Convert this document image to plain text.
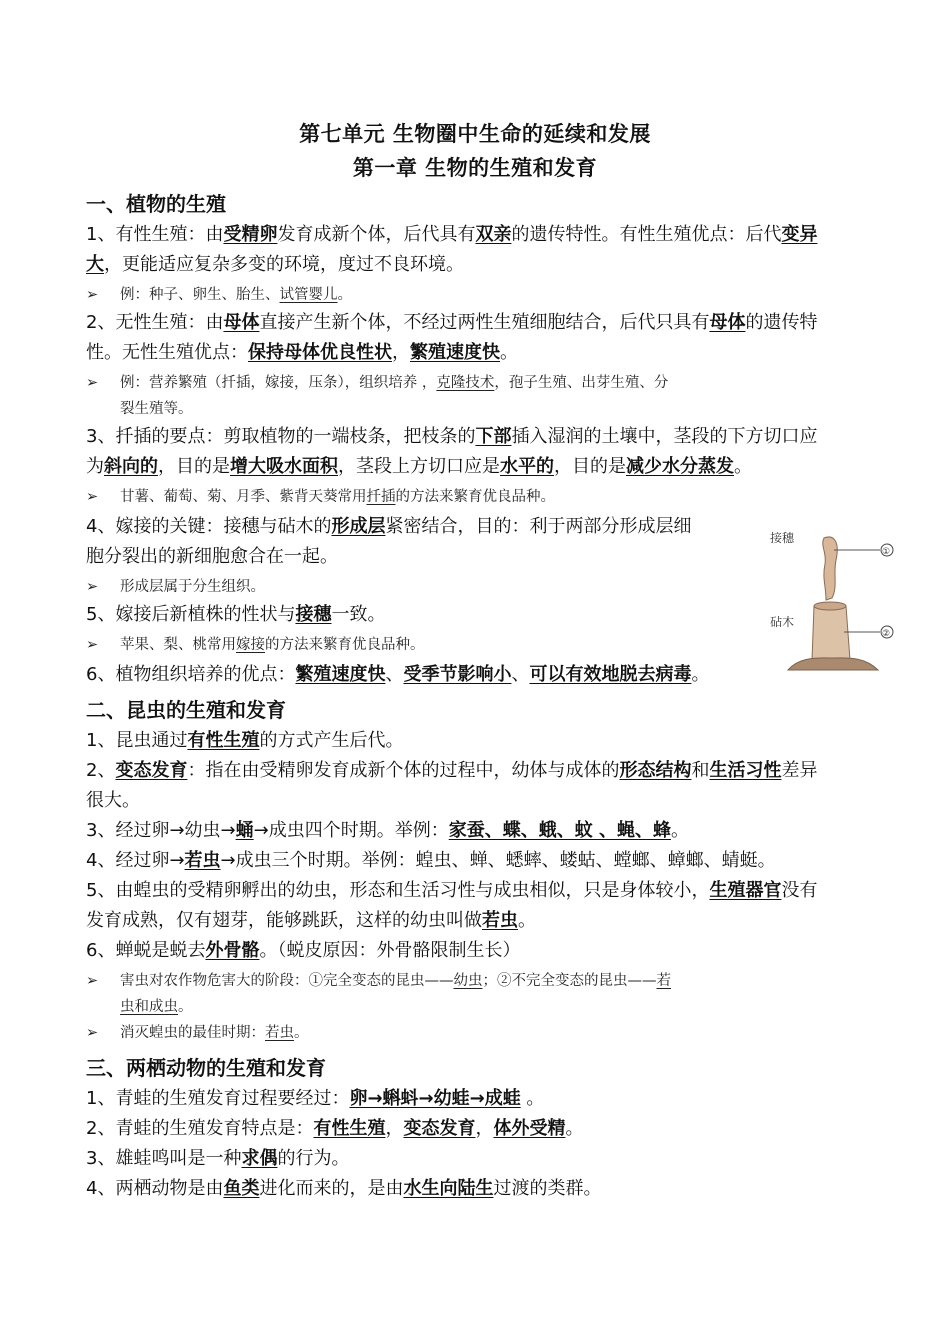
第七单元 生物圈中生命的延续和发展
第一章 生物的生殖和发育
一、植物的生殖
1、有性生殖：由受精卵发育成新个体，后代具有双亲的遗传特性。有性生殖优点：后代变异
大，更能适应复杂多变的环境，度过不良环境。
➢ 例：种子、卵生、胎生、试管婴儿。
2、无性生殖：由母体直接产生新个体，不经过两性生殖细胞结合，后代只具有母体的遗传特
性。无性生殖优点：保持母体优良性状，繁殖速度快。
➢ 例：营养繁殖（扦插，嫁接，压条），组织培养 ，克隆技术，孢子生殖、出芽生殖、分
裂生殖等。
3、扦插的要点：剪取植物的一端枝条，把枝条的下部插入湿润的土壤中，茎段的下方切口应
为斜向的，目的是增大吸水面积，茎段上方切口应是水平的，目的是减少水分蒸发。
➢ 甘薯、葡萄、菊、月季、紫背天葵常用扦插的方法来繁育优良品种。
4、嫁接的关键：接穗与砧木的形成层紧密结合，目的：利于两部分形成层细
胞分裂出的新细胞愈合在一起。
➢ 形成层属于分生组织。
5、嫁接后新植株的性状与接穗一致。
➢ 苹果、梨、桃常用嫁接的方法来繁育优良品种。
6、植物组织培养的优点：繁殖速度快、受季节影响小、可以有效地脱去病毒。
接穗
砧木
①
②
二、昆虫的生殖和发育
1、昆虫通过有性生殖的方式产生后代。
2、变态发育：指在由受精卵发育成新个体的过程中，幼体与成体的形态结构和生活习性差异
很大。
3、经过卵→幼虫→蛹→成虫四个时期。举例：家蚕、蝶、蛾、蚊 、蝇、蜂。
4、经过卵→若虫→成虫三个时期。举例：蝗虫、蝉、蟋蟀、蝼蛄、螳螂、蟑螂、蜻蜓。
5、由蝗虫的受精卵孵出的幼虫，形态和生活习性与成虫相似，只是身体较小，生殖器官没有
发育成熟，仅有翅芽，能够跳跃，这样的幼虫叫做若虫。
6、蝉蜕是蜕去外骨骼。（蜕皮原因：外骨骼限制生长）
➢ 害虫对农作物危害大的阶段：①完全变态的昆虫——幼虫；②不完全变态的昆虫——若
虫和成虫。
➢ 消灭蝗虫的最佳时期：若虫。
三、两栖动物的生殖和发育
1、青蛙的生殖发育过程要经过：卵→蝌蚪→幼蛙→成蛙 。
2、青蛙的生殖发育特点是：有性生殖，变态发育，体外受精。
3、雄蛙鸣叫是一种求偶的行为。
4、两栖动物是由鱼类进化而来的，是由水生向陆生过渡的类群。
